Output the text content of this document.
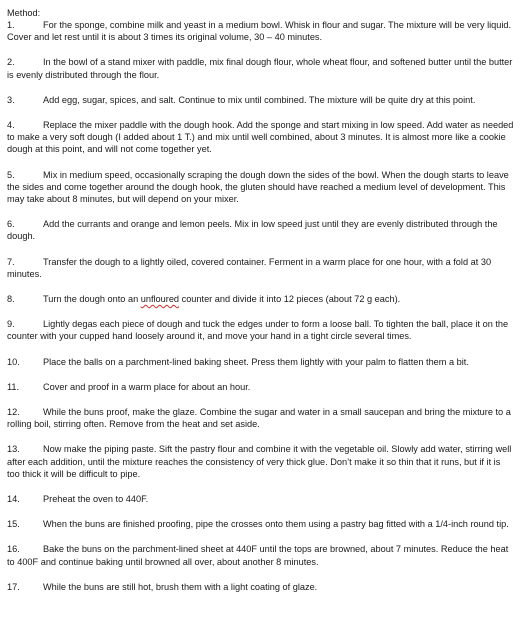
Method:

1.	For the sponge, combine milk and yeast in a medium bowl. Whisk in flour and sugar. The mixture will be very liquid. Cover and let rest until it is about 3 times its original volume, 30 – 40 minutes.

2.	In the bowl of a stand mixer with paddle, mix final dough flour, whole wheat flour, and softened butter until the butter is evenly distributed through the flour.

3.	Add egg, sugar, spices, and salt. Continue to mix until combined. The mixture will be quite dry at this point.

4.	Replace the mixer paddle with the dough hook. Add the sponge and start mixing in low speed. Add water as needed to make a very soft dough (I added about 1 T.) and mix until well combined, about 3 minutes. It is almost more like a cookie dough at this point, and will not come together yet.

5.	Mix in medium speed, occasionally scraping the dough down the sides of the bowl. When the dough starts to leave the sides and come together around the dough hook, the gluten should have reached a medium level of development. This may take about 8 minutes, but will depend on your mixer.

6.	Add the currants and orange and lemon peels. Mix in low speed just until they are evenly distributed through the dough.

7.	Transfer the dough to a lightly oiled, covered container. Ferment in a warm place for one hour, with a fold at 30 minutes.

8.	Turn the dough onto an unfloured counter and divide it into 12 pieces (about 72 g each).

9.	Lightly degas each piece of dough and tuck the edges under to form a loose ball. To tighten the ball, place it on the counter with your cupped hand loosely around it, and move your hand in a tight circle several times.

10.	Place the balls on a parchment-lined baking sheet. Press them lightly with your palm to flatten them a bit.

11.	Cover and proof in a warm place for about an hour.

12.	While the buns proof, make the glaze. Combine the sugar and water in a small saucepan and bring the mixture to a rolling boil, stirring often. Remove from the heat and set aside.

13.	Now make the piping paste. Sift the pastry flour and combine it with the vegetable oil. Slowly add water, stirring well after each addition, until the mixture reaches the consistency of very thick glue. Don’t make it so thin that it runs, but if it is too thick it will be difficult to pipe.

14.	Preheat the oven to 440F.

15.	When the buns are finished proofing, pipe the crosses onto them using a pastry bag fitted with a 1/4-inch round tip.

16.	Bake the buns on the parchment-lined sheet at 440F until the tops are browned, about 7 minutes. Reduce the heat to 400F and continue baking until browned all over, about another 8 minutes.

17.	While the buns are still hot, brush them with a light coating of glaze.
